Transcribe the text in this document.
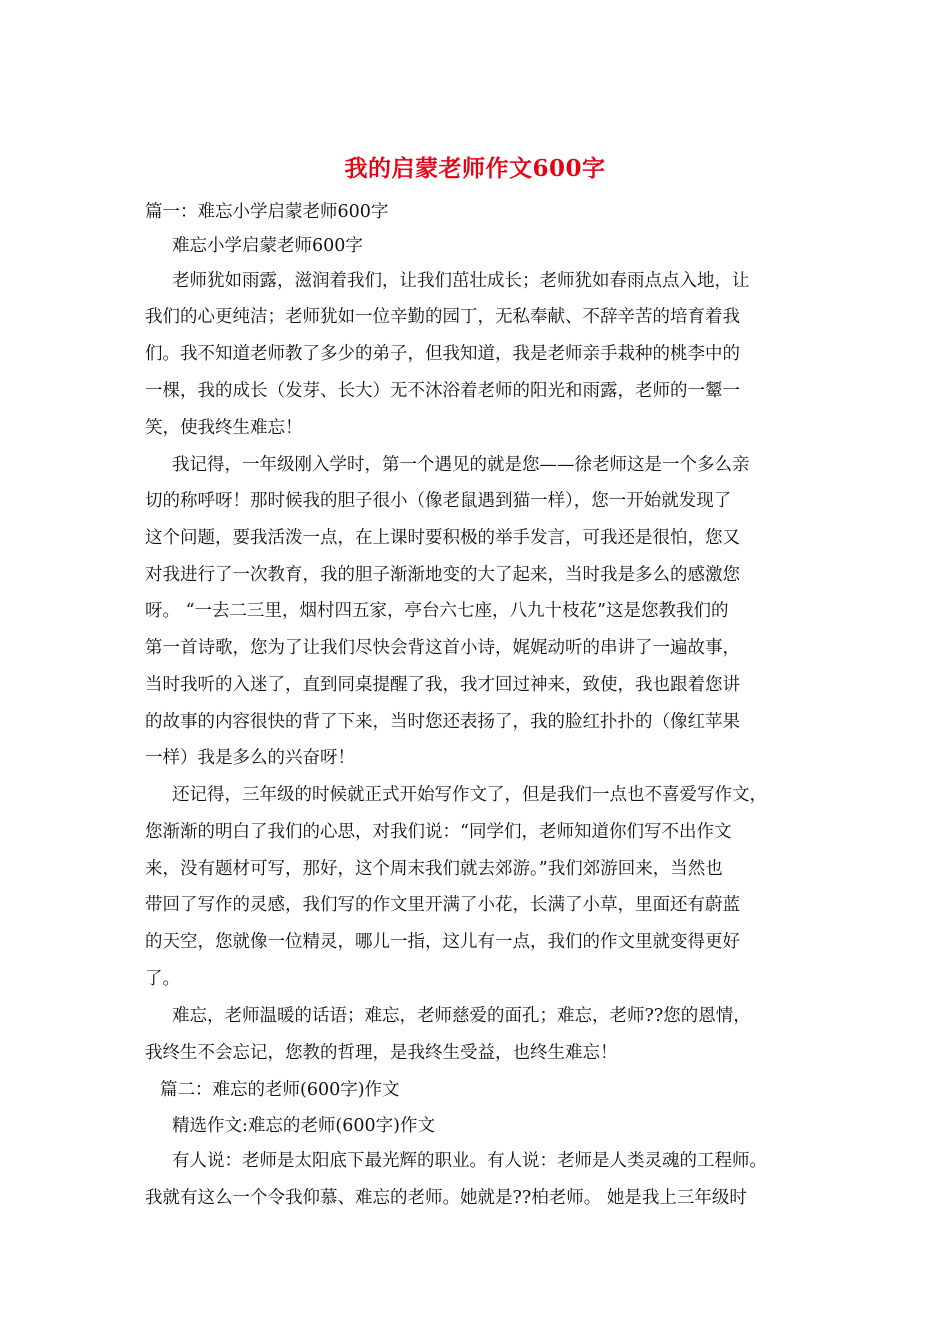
我的启蒙老师作文600字
篇一：难忘小学启蒙老师600字
难忘小学启蒙老师600字
老师犹如雨露，滋润着我们，让我们茁壮成长；老师犹如春雨点点入地，让
我们的心更纯洁；老师犹如一位辛勤的园丁，无私奉献、不辞辛苦的培育着我
们。我不知道老师教了多少的弟子，但我知道，我是老师亲手栽种的桃李中的
一棵，我的成长（发芽、长大）无不沐浴着老师的阳光和雨露，老师的一颦一
笑，使我终生难忘！
我记得，一年级刚入学时，第一个遇见的就是您——徐老师这是一个多么亲
切的称呼呀！那时候我的胆子很小（像老鼠遇到猫一样），您一开始就发现了
这个问题，要我活泼一点，在上课时要积极的举手发言，可我还是很怕，您又
对我进行了一次教育，我的胆子渐渐地变的大了起来，当时我是多么的感激您
呀。 “一去二三里，烟村四五家，亭台六七座，八九十枝花”这是您教我们的
第一首诗歌，您为了让我们尽快会背这首小诗，娓娓动听的串讲了一遍故事，
当时我听的入迷了，直到同桌提醒了我，我才回过神来，致使，我也跟着您讲
的故事的内容很快的背了下来，当时您还表扬了，我的脸红扑扑的（像红苹果
一样）我是多么的兴奋呀！
还记得，三年级的时候就正式开始写作文了，但是我们一点也不喜爱写作文，
您渐渐的明白了我们的心思，对我们说：“同学们，老师知道你们写不出作文
来，没有题材可写，那好，这个周末我们就去郊游。”我们郊游回来，当然也
带回了写作的灵感，我们写的作文里开满了小花，长满了小草，里面还有蔚蓝
的天空，您就像一位精灵，哪儿一指，这儿有一点，我们的作文里就变得更好
了。
难忘，老师温暖的话语；难忘，老师慈爱的面孔；难忘，老师??您的恩情，
我终生不会忘记，您教的哲理，是我终生受益，也终生难忘！
篇二：难忘的老师(600字)作文
精选作文:难忘的老师(600字)作文
有人说：老师是太阳底下最光辉的职业。有人说：老师是人类灵魂的工程师。
我就有这么一个令我仰慕、难忘的老师。她就是??柏老师。 她是我上三年级时
